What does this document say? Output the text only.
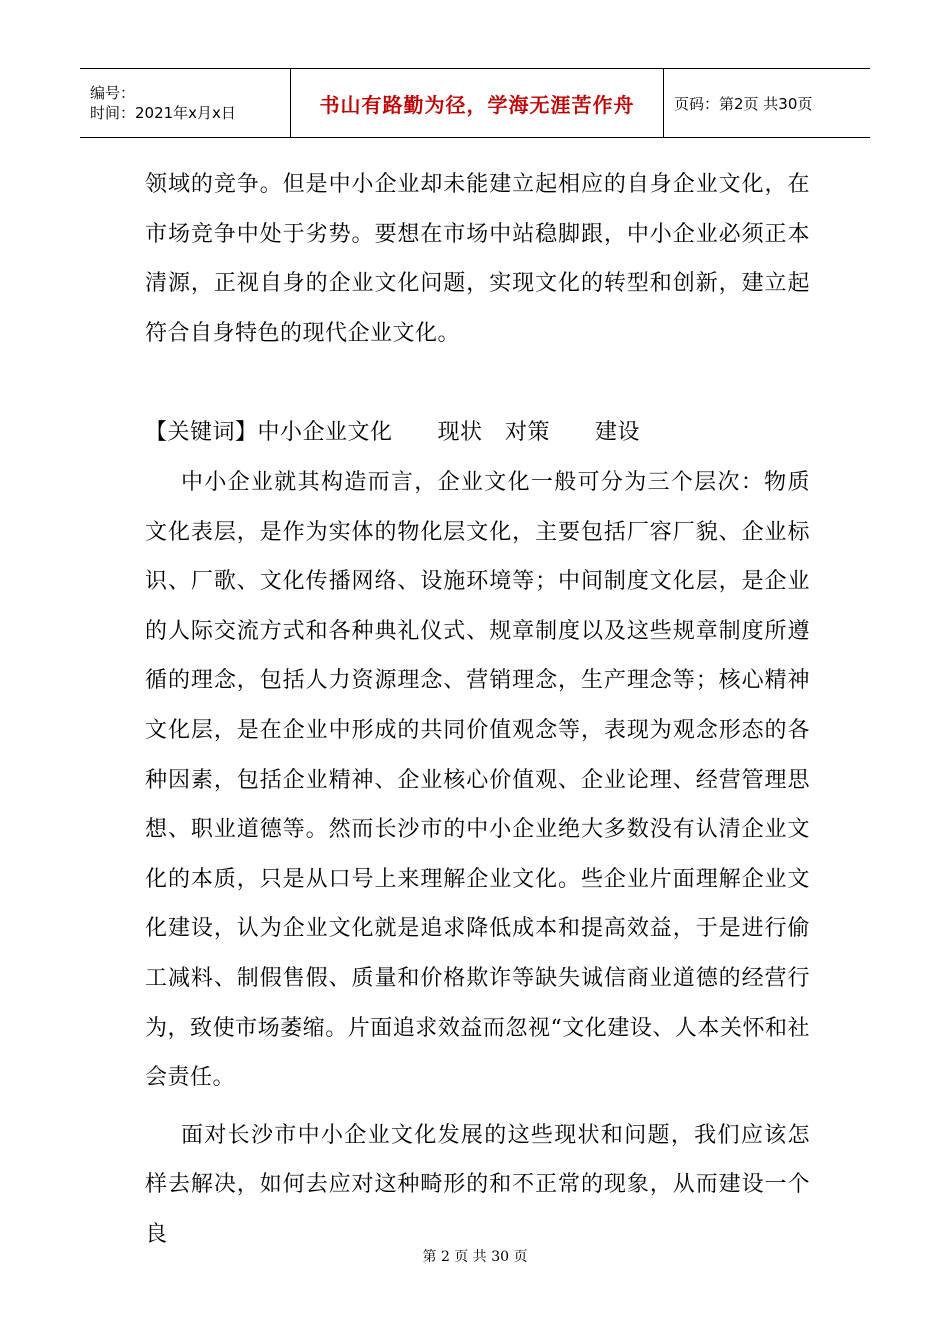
编号：
时间：2021年x月x日	书山有路勤为径，学海无涯苦作舟	页码：第2页 共30页

领域的竞争。但是中小企业却未能建立起相应的自身企业文化，在市场竞争中处于劣势。要想在市场中站稳脚跟，中小企业必须正本清源，正视自身的企业文化问题，实现文化的转型和创新，建立起符合自身特色的现代企业文化。

【关键词】中小企业文化　　现状　对策　　建设

中小企业就其构造而言，企业文化一般可分为三个层次：物质文化表层，是作为实体的物化层文化，主要包括厂容厂貌、企业标识、厂歌、文化传播网络、设施环境等；中间制度文化层，是企业的人际交流方式和各种典礼仪式、规章制度以及这些规章制度所遵循的理念，包括人力资源理念、营销理念，生产理念等；核心精神文化层，是在企业中形成的共同价值观念等，表现为观念形态的各种因素，包括企业精神、企业核心价值观、企业论理、经营管理思想、职业道德等。然而长沙市的中小企业绝大多数没有认清企业文化的本质，只是从口号上来理解企业文化。些企业片面理解企业文化建设，认为企业文化就是追求降低成本和提高效益，于是进行偷工减料、制假售假、质量和价格欺诈等缺失诚信商业道德的经营行为，致使市场萎缩。片面追求效益而忽视“文化建设、人本关怀和社会责任。

面对长沙市中小企业文化发展的这些现状和问题，我们应该怎样去解决，如何去应对这种畸形的和不正常的现象，从而建设一个良

第 2 页 共 30 页
